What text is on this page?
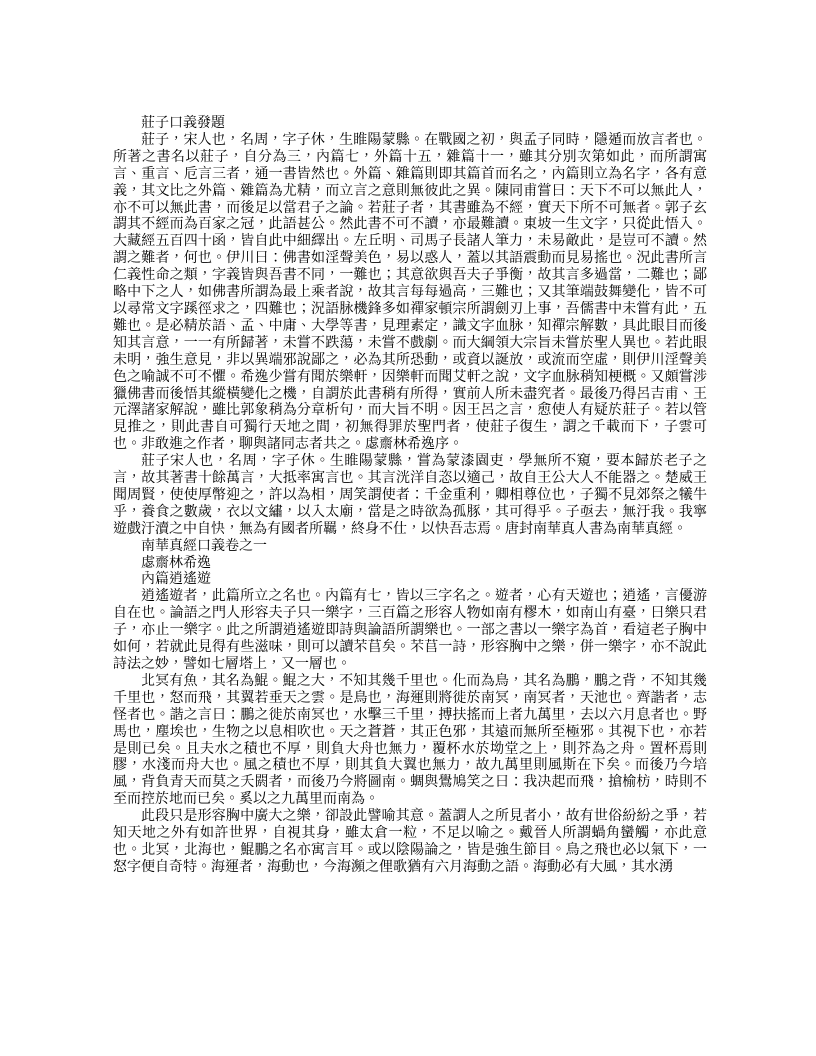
莊子口義發題

莊子，宋人也，名周，字子休，生睢陽蒙縣。在戰國之初，與孟子同時，隱遁而放言者也。所著之書名以莊子，自分為三，內篇七，外篇十五，雜篇十一，雖其分別次第如此，而所謂寓言、重言、卮言三者，通一書皆然也。外篇、雜篇則即其篇首而名之，內篇則立為名字，各有意義，其文比之外篇、雜篇為尤精，而立言之意則無彼此之異。陳同甫嘗曰：天下不可以無此人，亦不可以無此書，而後足以當君子之論。若莊子者，其書雖為不經，實天下所不可無者。郭子玄謂其不經而為百家之冠，此語甚公。然此書不可不讀，亦最難讀。東坡一生文字，只從此悟入。大藏經五百四十函，皆自此中細繹出。左丘明、司馬子長諸人筆力，未易敵此，是豈可不讀。然謂之難者，何也。伊川曰：佛書如淫聲美色，易以惑人，蓋以其語震動而見易搖也。況此書所言仁義性命之類，字義皆與吾書不同，一難也；其意欲與吾夫子爭衡，故其言多過當，二難也；鄙略中下之人，如佛書所謂為最上乘者說，故其言每每過高，三難也；又其筆端鼓舞變化，皆不可以尋常文字蹊徑求之，四難也；況語脉機鋒多如禪家頓宗所謂劍刃上事，吾儒書中未嘗有此，五難也。是必精於語、孟、中庸、大學等書，見理素定，識文字血脉，知禪宗解數，具此眼目而後知其言意，一一有所歸著，未嘗不跌蕩，未嘗不戲劇。而大綱領大宗旨未嘗於聖人異也。若此眼未明，強生意見，非以異端邪說鄙之，必為其所恐動，或資以誕放，或流而空虛，則伊川淫聲美色之喻誠不可不懼。希逸少嘗有聞於樂軒，因樂軒而聞艾軒之說，文字血脉稍知梗概。又頗嘗涉獵佛書而後悟其縱橫變化之機，自謂於此書稍有所得，實前人所未盡究者。最後乃得呂吉甫、王元澤諸家解說，雖比郭象稍為分章析句，而大旨不明。因王呂之言，愈使人有疑於莊子。若以管見推之，則此書自可獨行天地之間，初無得罪於聖門者，使莊子復生，謂之千載而下，子雲可也。非敢進之作者，聊與諸同志者共之。虙齋林希逸序。

莊子宋人也，名周，字子休。生睢陽蒙縣，嘗為蒙漆園吏，學無所不窺，要本歸於老子之言，故其著書十餘萬言，大抵率寓言也。其言洸洋自恣以適己，故自王公大人不能器之。楚威王聞周賢，使使厚幣迎之，許以為相，周笑謂使者：千金重利，卿相尊位也，子獨不見郊祭之犧牛乎，養食之數歲，衣以文繡，以入太廟，當是之時欲為孤豚，其可得乎。子亟去，無汙我。我寧遊戲汙瀆之中自快，無為有國者所羈，終身不仕，以快吾志焉。唐封南華真人書為南華真經。

南華真經口義卷之一

虙齋林希逸

內篇逍遙遊

逍遙遊者，此篇所立之名也。內篇有七，皆以三字名之。遊者，心有天遊也；逍遙，言優游自在也。論語之門人形容夫子只一樂字，三百篇之形容人物如南有樛木，如南山有臺，曰樂只君子，亦止一樂字。此之所謂逍遙遊即詩與論語所謂樂也。一部之書以一樂字為首，看這老子胸中如何，若就此見得有些滋味，則可以讀芣苢矣。芣苢一詩，形容胸中之樂，併一樂字，亦不說此詩法之妙，譬如七層塔上，又一層也。

北冥有魚，其名為鯤。鯤之大，不知其幾千里也。化而為鳥，其名為鵬，鵬之背，不知其幾千里也，怒而飛，其翼若垂天之雲。是鳥也，海運則將徙於南冥，南冥者，天池也。齊諧者，志怪者也。諧之言曰：鵬之徙於南冥也，水擊三千里，搏扶搖而上者九萬里，去以六月息者也。野馬也，塵埃也，生物之以息相吹也。天之蒼蒼，其正色邪，其遠而無所至極邪。其視下也，亦若是則已矣。且夫水之積也不厚，則負大舟也無力，覆杯水於坳堂之上，則芥為之舟。置杯焉則膠，水淺而舟大也。風之積也不厚，則其負大翼也無力，故九萬里則風斯在下矣。而後乃今培風，背負青天而莫之夭閼者，而後乃今將圖南。蜩與鷽鳩笑之曰：我决起而飛，搶榆枋，時則不至而控於地而已矣。奚以之九萬里而南為。

此段只是形容胸中廣大之樂，卻設此譬喻其意。蓋謂人之所見者小，故有世俗紛紛之爭，若知天地之外有如許世界，自視其身，雖太倉一粒，不足以喻之。戴晉人所謂蝸角蠻觸，亦此意也。北冥，北海也，鯤鵬之名亦寓言耳。或以陰陽論之，皆是強生節目。鳥之飛也必以氣下，一怒字便自奇特。海運者，海動也，今海瀕之俚歌猶有六月海動之語。海動必有大風，其水湧
